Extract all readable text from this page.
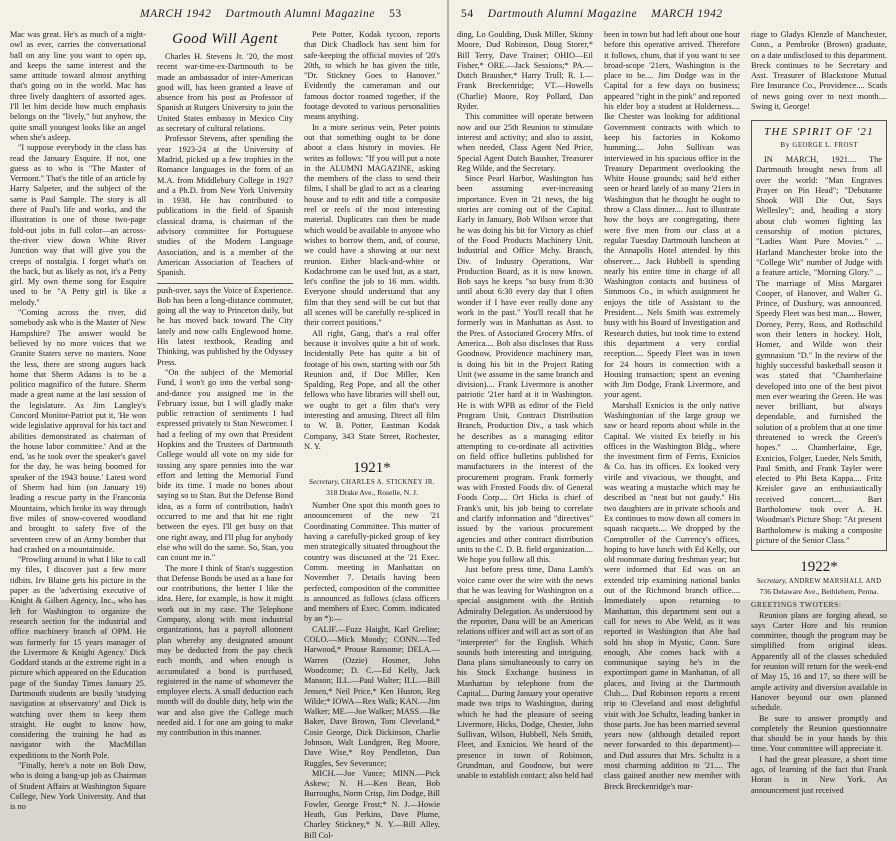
MARCH 1942 Dartmouth Alumni Magazine 53

Mac was great. He's as much of a night-owl as ever, carries the conversational ball on any line you want to open up, and keeps the same interest and the same attitude toward almost anything that's going on in the world. Mac has three lively daughters of assorted ages. I'll let him decide how much emphasis belongs on the "lively," but anyhow, the quite small youngest looks like an angel when she's asleep.

"I suppose everybody in the class has read the January Esquire. If not, one guess as to who is "The Master of Vermont." That's the title of an article by Harry Salpeter, and the subject of the same is Paul Sample. The story is all there of Paul's life and works, and the illustration is one of those two-page fold-out jobs in full color—an across-the-river view down White River Junction way that will give you the creeps of nostalgia. I forget what's on the back, but as likely as not, it's a Petty girl. My own theme song for Esquire used to be "A Petty girl is like a melody."

"Coming across the river, did somebody ask who is the Master of New Hampshire? The answer would be believed by no more voices that we Granite Staters serve no masters. None the less, there are strong augurs back home that Sherm Adams is to be a politico magnifico of the future. Sherm made a great name at the last session of the legislature. As Jim Langley's Concord Monitor-Patriot put it, 'He won wide legislative approval for his tact and abilities demonstrated as chairman of the house labor committee.' And at the end, 'as he took over the speaker's gavel for the day, he was being boomed for speaker of the 1943 house.' Latest word of Sherm had him (on January 19) leading a rescue party in the Franconia Mountains, which broke its way through five miles of snow-covered woodland and brought to safety five of the seventeen crew of an Army bomber that had crashed on a mountainside.

"Prowling around in what I like to call my files, I discover just a few more tidbits. Irv Blaine gets his picture in the paper as the 'advertising executive of Knight & Gilbert Agency, Inc., who has left for Washington to organize the research section for the industrial and office machinery branch of OPM. He was formerly for 15 years manager of the Livermore & Knight Agency.' Dick Goddard stands at the extreme right in a picture which appeared on the Education page of the Sunday Times January 25. Dartmouth students are busily 'studying navigation at observatory' and Dick is watching over them to keep them straight. He ought to know how, considering the training he had as navigator with the MacMillan expeditions to the North Pole.

"Finally, here's a note on Bob Dow, who is doing a bang-up job as Chairman of Student Affairs at Washington Square College, New York University. And that is no

Good Will Agent

Charles H. Stevens Jr. '20, the most recent war-time-ex-Dartmouth to be made an ambassador of inter-American good will, has been granted a leave of absence from his post as Professor of Spanish at Rutgers University to join the United States embassy in Mexico City as secretary of cultural relations.

Professor Stevens, after spending the year 1923-24 at the University of Madrid, picked up a few trophies in the Romance languages in the form of an M.A. from Middlebury College in 1927 and a Ph.D. from New York University in 1938. He has contributed to publications in the field of Spanish classical drama, is chairman of the advisory committee for Portuguese studies of the Modern Language Association, and is a member of the American Association of Teachers of Spanish.

push-over, says the Voice of Experience. Bob has been a long-distance commuter, going all the way to Princeton daily, but he has moved back toward The City lately and now calls Englewood home. His latest textbook, Reading and Thinking, was published by the Odyssey Press.

"On the subject of the Memorial Fund, I won't go into the verbal song-and-dance you assigned me in the February issue, but I will gladly make public retraction of sentiments I had expressed privately to Stan Newcomer. I had a feeling of my own that President Hopkins and the Trustees of Dartmouth College would all vote on my side for tossing any spare pennies into the war effort and letting the Memorial Fund bide its time. I made no bones about saying so to Stan. But the Defense Bond idea, as a form of contribution, hadn't occurred to me and that hit me right between the eyes. I'll get busy on that one right away, and I'll plug for anybody else who will do the same. So, Stan, you can count me in."

The more I think of Stan's suggestion that Defense Bonds be used as a base for our contributions, the better I like the idea. Here, for example, is how it might work out in my case. The Telephone Company, along with most industrial organizations, has a payroll allotment plan whereby any designated amount may be deducted from the pay check each month, and when enough is accumulated a bond is purchased, registered in the name of whomever the employee elects. A small deduction each month will do double duty, help win the war and also give the College much needed aid. I for one am going to make my contribution in this manner.

Pete Potter, Kodak tycoon, reports that Dick Chadlock has sent him for safe-keeping the official movies of '20's 20th, to which he has given the title, "Dr. Stickney Goes to Hanover." Evidently the cameraman and our famous doctor roamed together, if the footage devoted to various personalities means anything.

In a more serious vein, Peter points out that something ought to be done about a class history in movies. He writes as follows: "If you will put a note in the ALUMNI MAGAZINE, asking the members of the class to send their films, I shall be glad to act as a clearing house and to edit and title a composite reel or reels of the most interesting material. Duplicates can then be made which would be available to anyone who wishes to borrow them, and, of course, we could have a showing at our next reunion. Either black-and-white or Kodachrome can be used but, as a start, let's confine the job to 16 mm. width. Everyone should understand that any film that they send will be cut but that all scenes will be carefully re-spliced in their correct positions."

All right, Gang, that's a real offer because it involves quite a bit of work. Incidentally Pete has quite a bit of footage of his own, starting with our 5th Reunion and, if Doc Miller, Ken Spalding, Reg Pope, and all the other fellows who have libraries will shell out, we ought to get a film that's very interesting and amusing. Direct all film to W. B. Potter, Eastman Kodak Company, 343 State Street, Rochester, N. Y.

1921*
Secretary, CHARLES A. STICKNEY JR.
318 Drake Ave., Roselle, N. J.

Number One spot this month goes to announcement of the new '21 Coordinating Committee. This matter of having a carefully-picked group of key men strategically situated throughout the country was discussed at the '21 Exec. Comm. meeting in Manhattan on November 7. Details having been perfected, composition of the committee is announced as follows (class officers and members of Exec. Comm. indicated by an *):—

CALIF.—Fuzz Haight, Karl Greline; COLO.—Mick Moody; CONN.—Ted Harwood,* Prouse Ransome; DELA.—Warren (Ozzie) Hosmer, John Woodcome; D. C.—Ed Kelly, Jack Manson; ILL.—Paul Walter; ILL.—Bill Jensen,* Neil Price,* Ken Huston, Reg Wilde;* IOWA—Rex Walk; KAN.—Jim Walker; ME.—Joe Walker; MASS.—Ike Baker, Dave Brown, Tom Cleveland,* Cosie George, Dick Dickinson, Charlie Johnson, Walt Lundgren, Reg Moore, Dave Wise,* Roy Pendleton, Dan Ruggles, Sev Severance;

MICH.—Joe Vance; MINN.—Pick Askew; N. H.—Ken Bean, Bob Burroughs, Norm Crisp, Jim Dodge, Bill Fowler, George Frost;* N. J.—Howie Heath, Gus Perkins, Dave Plume, Charley Stickney,* N. Y.—Bill Alley, Bill Col-

54 Dartmouth Alumni Magazine MARCH 1942

ding, Lo Goulding, Dusk Miller, Skinny Moore, Dud Robinson, Doug Storer,* Bill Terry, Dave Trainer; OHIO—Eil Fisher,* ORE.—Jack Sessions;* PA.—Dutch Brausher,* Harry Trull; R. I.—Frank Breckenridge; VT.—Howells (Charlie) Moore, Roy Pollard, Dan Ryder.

This committee will operate between now and our 25th Reunion to stimulate interest and activity; and also to assist, when needed, Class Agent Ned Price, Special Agent Dutch Bausher, Treasurer Reg Wilde, and the Secretary.

Since Pearl Harbor, Washington has been assuming ever-increasing importance. Even in '21 news, the big stories are coming out of the Capital. Early in January, Bob Wilson wrote that he was doing his bit for Victory as chief of the Food Products Machinery Unit, Industrial and Office Mchy. Branch, Div. of Industry Operations, War Production Board, as it is now known. Bob says he keeps "so busy from 8:30 until about 6:30 every day that I often wonder if I have ever really done any work in the past." You'll recall that he formerly was in Manhattan as Asst. to the Pres. of Associated Grocery Mfrs. of America.... Bob also discloses that Russ Goodnow, Providence machinery man, is doing his bit in the Project Rating Unit (we assume in the same branch and division).... Frank Livermore is another patriotic '21er hard at it in Washington. He is with WPB as editor of the Field Program Unit, Contract Distribution Branch, Production Div., a task which he describes as a managing editor attempting to co-ordinate all activities on field office bulletins published for manufacturers in the interest of the procurement program. Frank formerly was with Frosted Foods div. of General Foods Corp.... Ort Hicks is chief of Frank's unit, his job being to correlate and clarify information and "directives" issued by the various procurement agencies and other contract distribution units to the C. D. B. field organization.... We hope you follow all this.

Just before press time, Dana Lamb's voice came over the wire with the news that he was leaving for Washington on a special assignment with the British Admiralty Delegation. As understood by the reporter, Dana will be an American relations officer and will act as sort of an "interpreter" for the English. Which sounds both interesting and intriguing. Dana plans simultaneously to carry on his Stock Exchange business in Manhattan by telephone from the Capital.... During January your operative made two trips to Washington, during which he had the pleasure of seeing Livermore, Hicks, Dodge, Chester, John Sullivan, Wilson, Hubbell, Nels Smith, Fleet, and Exnicios. We heard of the presence in town of Robinson, Grundman, and Goodnow, but were unable to establish contact; also held had

been in town but had left about one hour before this operative arrived. Therefore it follows, chum, that if you want to see broad-scope '21ers, Washington is the place to be.... Jim Dodge was in the Capital for a few days on business; appeared "right in the pink" and reported his elder boy a student at Holderness.... Ike Chester was looking for additional Government contracts with which to keep his factories in Kokomo humming.... John Sullivan was interviewed in his spacious office in the Treasury Department overlooking the White House grounds; said he'd either seen or heard lately of so many '21ers in Washington that he thought he ought to throw a Class dinner.... Just to illustrate how the boys are congregating, there were five men from our class at a regular Tuesday Dartmouth luncheon at the Annapolis Hotel attended by this observer.... Jack Hubbell is spending nearly his entire time in charge of all Washington contacts and business of Simmons Co., in which assignment he enjoys the title of Assistant to the President.... Nels Smith was extremely busy with his Board of Investigation and Research duties, but took time to extend this department a very cordial reception.... Speedy Fleet was in town for 24 hours in connection with a Housing transaction; spent an evening with Jim Dodge, Frank Livermore, and your agent.

Marshall Exnicios is the only native Washingtonian of the large group we saw or heard reports about while in the Capital. We visited Ex briefly in his offices in the Washington Bldg., where the investment firm of Ferris, Exnicios & Co. has its offices. Ex looked very virile and vivacious, we thought, and was wearing a mustache which may be described as "neat but not gaudy." His two daughters are in private schools and Ex continues to mow down all comers in squash racquets.... We dropped by the Comptroller of the Currency's offices, hoping to have lunch with Ed Kelly, our old roommate during freshman year; but were informed that Ed was on an extended trip examining national banks out of the Richmond branch office.... Immediately upon returning to Manhattan, this department sent out a call for news to Abe Weld, as it was reported in Washington that Abe had sold his shop in Mystic, Conn. Sure enough, Abe comes back with a communique saying he's in the exportimport game in Manhattan, of all places, and living at the Dartmouth Club.... Dud Robinson reports a recent trip to Cleveland and most delightful visit with Joe Schultz, leading banker in those parts. Joe has been married several years now (although detailed report never forwarded to this department)—and Dud assures that Mrs. Schultz is a most charming addition to '21.... The class gained another new member with Breck Breckenridge's mar-

riage to Gladys Klenzle of Manchester, Conn., a Pembroke (Brown) graduate, on a date undisclosed to this department. Breck continues to be Secretary and Asst. Treasurer of Blackstone Mutual Fire Insurance Co., Providence.... Scads of news going over to next month.... Swing it, George!

THE SPIRIT OF '21
By GEORGE L. FROST

IN MARCH, 1921.... The Dartmouth brought news from all over the world: "Man Engraves Prayer on Pin Head"; "Debutante Shook Will Die Out, Says Wellesley"; and, heading a story about club women fighting lax censorship of motion pictures, "Ladies Want Pure Movies." ... Harland Manchester broke into the "College Wit" number of Judge with a feature article, "Morning Glory." ... The marriage of Miss Margaret Cooper, of Hanover, and Walter G. Prince, of Duxbury, was announced. Speedy Fleet was best man.... Bower, Dorney, Perry, Ross, and Rothschild won their letters in hockey. Holt, Homer, and Wilde won their gymnasium "D." In the review of the highly successful basketball season it was stated that "Chamberlaine developed into one of the best pivot men ever wearing the Green. He was never brilliant, but always dependable, and furnished the solution of a problem that at one time threatened to wreck the Green's hopes." ... Chamberlaine, Ege, Exnicios, Folger, Lueder, Nels Smith, Paul Smith, and Frank Tayler were elected to Phi Beta Kappa.... Fritz Kreisler gave an enthusiastically received concert.... Bart Bartholomew took over A. H. Woodman's Picture Shop: "At present Bartholomew is making a composite picture of the Senior Class."

1922*
Secretary, ANDREW MARSHALL AND
736 Delaware Ave., Bethlehem, Penna.

GREETINGS TWOTERS:

Reunion plans are forging ahead, so says Carter Hore and his reunion committee, though the program may be simplified from original ideas. Apparently all of the classes scheduled for reunion will return for the week-end of May 15, 16 and 17, so there will be ample activity and diversion available in Hanover beyond our own planned schedule.

Be sure to answer promptly and completely the Reunion questionnaire that should be in your hands by this time. Your committee will appreciate it.

I had the great pleasure, a short time ago, of learning of the fact that Frank Horan is in New York. An announcement just received
